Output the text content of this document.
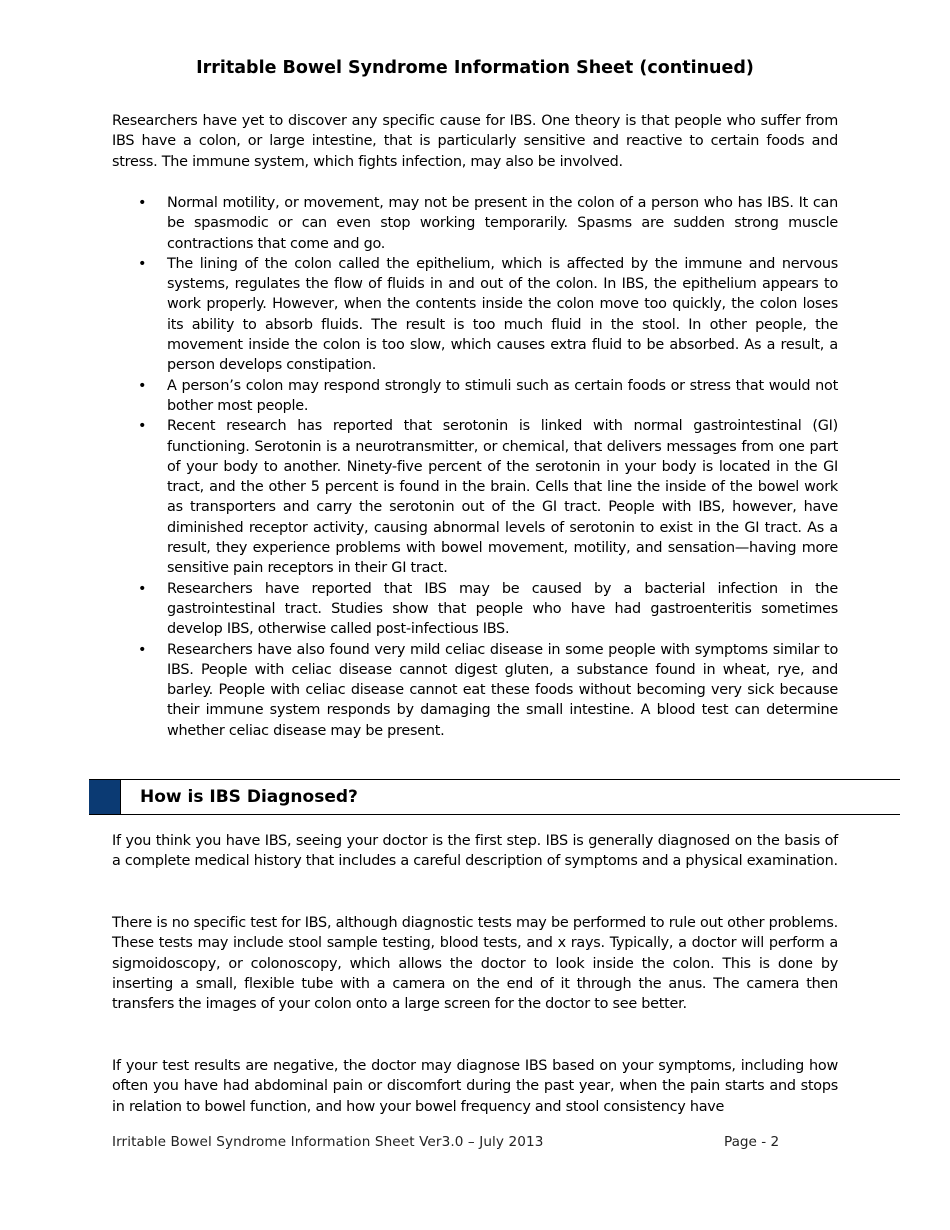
Irritable Bowel Syndrome Information Sheet (continued)

Researchers have yet to discover any specific cause for IBS. One theory is that people who suffer from IBS have a colon, or large intestine, that is particularly sensitive and reactive to certain foods and stress. The immune system, which fights infection, may also be involved.

• Normal motility, or movement, may not be present in the colon of a person who has IBS. It can be spasmodic or can even stop working temporarily. Spasms are sudden strong muscle contractions that come and go.
• The lining of the colon called the epithelium, which is affected by the immune and nervous systems, regulates the flow of fluids in and out of the colon. In IBS, the epithelium appears to work properly. However, when the contents inside the colon move too quickly, the colon loses its ability to absorb fluids. The result is too much fluid in the stool. In other people, the movement inside the colon is too slow, which causes extra fluid to be absorbed. As a result, a person develops constipation.
• A person’s colon may respond strongly to stimuli such as certain foods or stress that would not bother most people.
• Recent research has reported that serotonin is linked with normal gastrointestinal (GI) functioning. Serotonin is a neurotransmitter, or chemical, that delivers messages from one part of your body to another. Ninety-five percent of the serotonin in your body is located in the GI tract, and the other 5 percent is found in the brain. Cells that line the inside of the bowel work as transporters and carry the serotonin out of the GI tract. People with IBS, however, have diminished receptor activity, causing abnormal levels of serotonin to exist in the GI tract. As a result, they experience problems with bowel movement, motility, and sensation—having more sensitive pain receptors in their GI tract.
• Researchers have reported that IBS may be caused by a bacterial infection in the gastrointestinal tract. Studies show that people who have had gastroenteritis sometimes develop IBS, otherwise called post-infectious IBS.
• Researchers have also found very mild celiac disease in some people with symptoms similar to IBS. People with celiac disease cannot digest gluten, a substance found in wheat, rye, and barley. People with celiac disease cannot eat these foods without becoming very sick because their immune system responds by damaging the small intestine. A blood test can determine whether celiac disease may be present.
How is IBS Diagnosed?

If you think you have IBS, seeing your doctor is the first step. IBS is generally diagnosed on the basis of a complete medical history that includes a careful description of symptoms and a physical examination.

There is no specific test for IBS, although diagnostic tests may be performed to rule out other problems. These tests may include stool sample testing, blood tests, and x rays. Typically, a doctor will perform a sigmoidoscopy, or colonoscopy, which allows the doctor to look inside the colon. This is done by inserting a small, flexible tube with a camera on the end of it through the anus. The camera then transfers the images of your colon onto a large screen for the doctor to see better.

If your test results are negative, the doctor may diagnose IBS based on your symptoms, including how often you have had abdominal pain or discomfort during the past year, when the pain starts and stops in relation to bowel function, and how your bowel frequency and stool consistency have

Irritable Bowel Syndrome Information Sheet Ver3.0 – July 2013	Page - 2
